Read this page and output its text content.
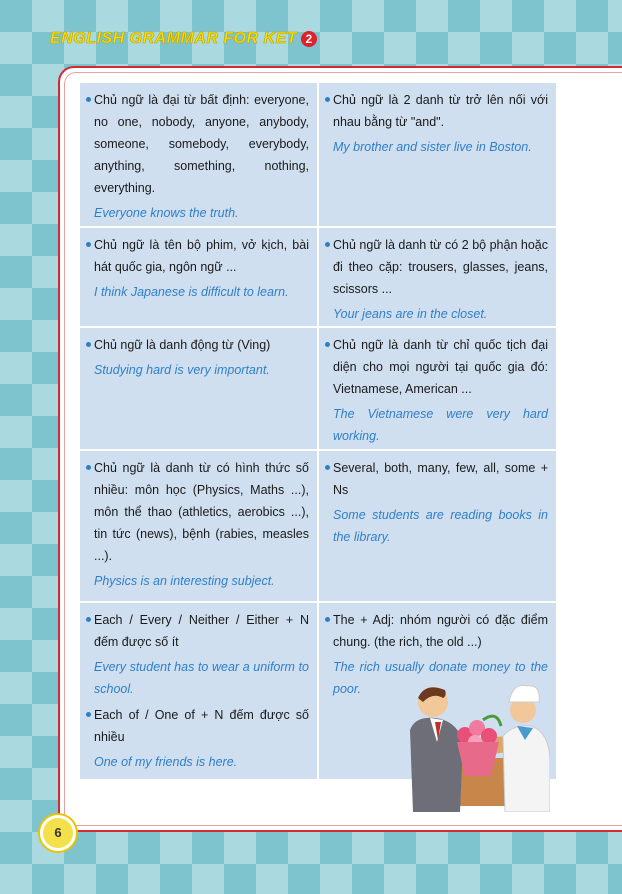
ENGLISH GRAMMAR FOR KET 2

Chủ ngữ là đại từ bất định: everyone, no one, nobody, anyone, anybody, someone, somebody, everybody, anything, something, nothing, everything.

Everyone knows the truth.

Chủ ngữ là 2 danh từ trở lên nối với nhau bằng từ "and".

My brother and sister live in Boston.

Chủ ngữ là tên bộ phim, vở kịch, bài hát quốc gia, ngôn ngữ ...

I think Japanese is difficult to learn.

Chủ ngữ là danh từ có 2 bộ phận hoặc đi theo cặp: trousers, glasses, jeans, scissors ...

Your jeans are in the closet.

Chủ ngữ là danh động từ (Ving)

Studying hard is very important.

Chủ ngữ là danh từ chỉ quốc tịch đại diện cho mọi người tại quốc gia đó: Vietnamese, American ...

The Vietnamese were very hard working.

Chủ ngữ là danh từ có hình thức số nhiều: môn học (Physics, Maths ...), môn thể thao (athletics, aerobics ...), tin tức (news), bệnh (rabies, measles ...).

Physics is an interesting subject.

Several, both, many, few, all, some + Ns

Some students are reading books in the library.

Each / Every / Neither / Either + N đếm được số ít

Every student has to wear a uniform to school.

Each of / One of + N đếm được số nhiều

One of my friends is here.

The + Adj: nhóm người có đặc điểm chung. (the rich, the old ...)

The rich usually donate money to the poor.

6
